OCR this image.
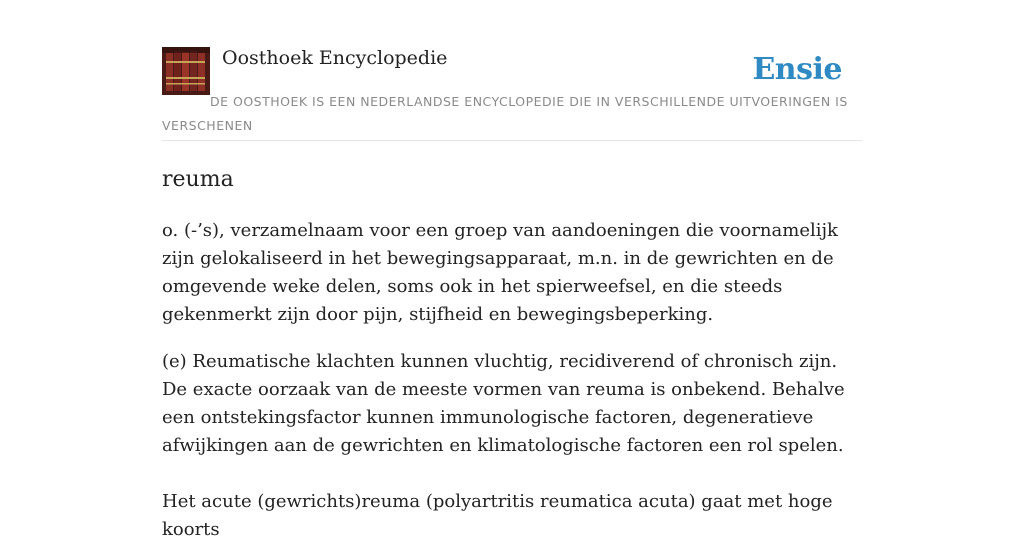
Oosthoek Encyclopedie	Ensie
DE OOSTHOEK IS EEN NEDERLANDSE ENCYCLOPEDIE DIE IN VERSCHILLENDE UITVOERINGEN IS VERSCHENEN
reuma

o. (-’s), verzamelnaam voor een groep van aandoeningen die voornamelijk zijn gelokaliseerd in het bewegingsapparaat, m.n. in de gewrichten en de omgevende weke delen, soms ook in het spierweefsel, en die steeds gekenmerkt zijn door pijn, stijfheid en bewegingsbeperking.

(e) Reumatische klachten kunnen vluchtig, recidiverend of chronisch zijn. De exacte oorzaak van de meeste vormen van reuma is onbekend. Behalve een ontstekingsfactor kunnen immunologische factoren, degeneratieve afwijkingen aan de gewrichten en klimatologische factoren een rol spelen.

Het acute (gewrichts)reuma (polyartritis reumatica acuta) gaat met hoge koorts
